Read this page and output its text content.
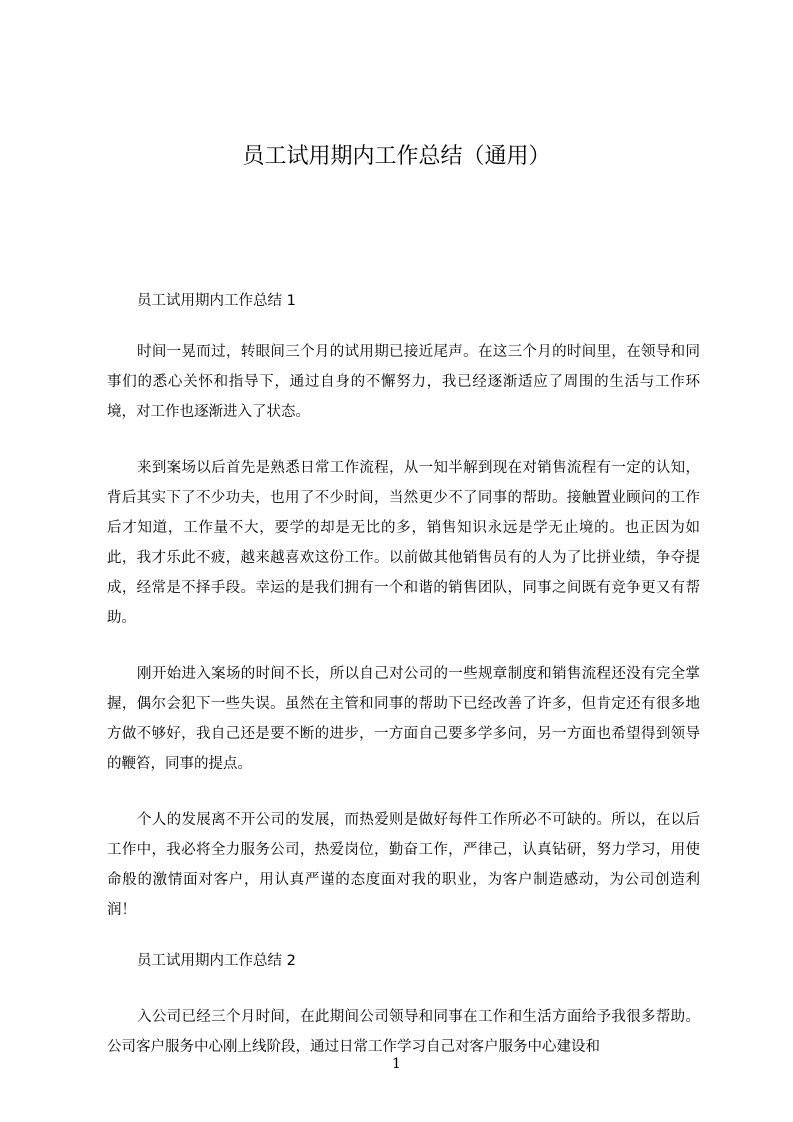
员工试用期内工作总结（通用）

员工试用期内工作总结 1

时间一晃而过，转眼间三个月的试用期已接近尾声。在这三个月的时间里，在领导和同事们的悉心关怀和指导下，通过自身的不懈努力，我已经逐渐适应了周围的生活与工作环境，对工作也逐渐进入了状态。

来到案场以后首先是熟悉日常工作流程，从一知半解到现在对销售流程有一定的认知，背后其实下了不少功夫，也用了不少时间，当然更少不了同事的帮助。接触置业顾问的工作后才知道，工作量不大，要学的却是无比的多，销售知识永远是学无止境的。也正因为如此，我才乐此不疲，越来越喜欢这份工作。以前做其他销售员有的人为了比拼业绩，争夺提成，经常是不择手段。幸运的是我们拥有一个和谐的销售团队，同事之间既有竞争更又有帮助。

刚开始进入案场的时间不长，所以自己对公司的一些规章制度和销售流程还没有完全掌握，偶尔会犯下一些失误。虽然在主管和同事的帮助下已经改善了许多，但肯定还有很多地方做不够好，我自己还是要不断的进步，一方面自己要多学多问，另一方面也希望得到领导的鞭笞，同事的提点。

个人的发展离不开公司的发展，而热爱则是做好每件工作所必不可缺的。所以，在以后工作中，我必将全力服务公司，热爱岗位，勤奋工作，严律己，认真钻研，努力学习，用使命般的激情面对客户，用认真严谨的态度面对我的职业，为客户制造感动，为公司创造利润！

员工试用期内工作总结 2

入公司已经三个月时间，在此期间公司领导和同事在工作和生活方面给予我很多帮助。公司客户服务中心刚上线阶段，通过日常工作学习自己对客户服务中心建设和

1
